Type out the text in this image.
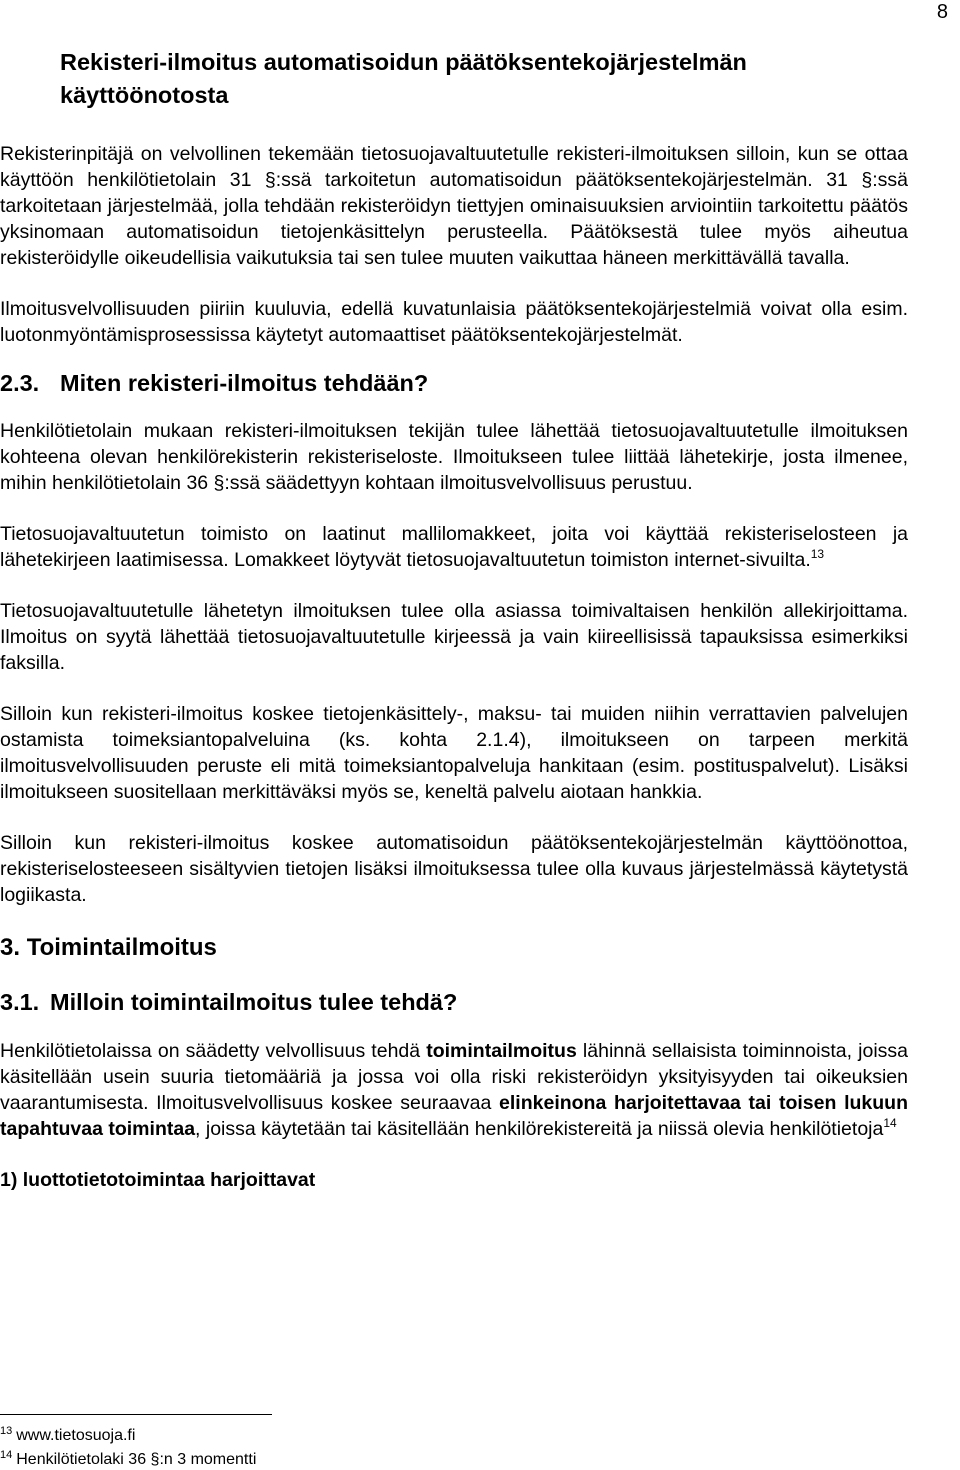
8
Rekisteri-ilmoitus automatisoidun päätöksentekojärjestelmän käyttöönotosta

Rekisterinpitäjä on velvollinen tekemään tietosuojavaltuutetulle rekisteri-ilmoituksen silloin, kun se ottaa käyttöön henkilötietolain 31 §:ssä tarkoitetun automatisoidun päätöksentekojärjestelmän. 31 §:ssä tarkoitetaan järjestelmää, jolla tehdään rekisteröidyn tiettyjen ominaisuuksien arviointiin tarkoitettu päätös yksinomaan automatisoidun tietojenkäsittelyn perusteella. Päätöksestä tulee myös aiheutua rekisteröidylle oikeudellisia vaikutuksia tai sen tulee muuten vaikuttaa häneen merkittävällä tavalla.

Ilmoitusvelvollisuuden piiriin kuuluvia, edellä kuvatunlaisia päätöksentekojärjestelmiä voivat olla esim. luotonmyöntämisprosessissa käytetyt automaattiset päätöksentekojärjestelmät.

2.3. Miten rekisteri-ilmoitus tehdään?

Henkilötietolain mukaan rekisteri-ilmoituksen tekijän tulee lähettää tietosuojavaltuutetulle ilmoituksen kohteena olevan henkilörekisterin rekisteriseloste. Ilmoitukseen tulee liittää lähetekirje, josta ilmenee, mihin henkilötietolain 36 §:ssä säädettyyn kohtaan ilmoitusvelvollisuus perustuu.

Tietosuojavaltuutetun toimisto on laatinut mallilomakkeet, joita voi käyttää rekisteriselosteen ja lähetekirjeen laatimisessa. Lomakkeet löytyvät tietosuojavaltuutetun toimiston internet-sivuilta.$^{13}$

Tietosuojavaltuutetulle lähetetyn ilmoituksen tulee olla asiassa toimivaltaisen henkilön allekirjoittama. Ilmoitus on syytä lähettää tietosuojavaltuutetulle kirjeessä ja vain kiireellisissä tapauksissa esimerkiksi faksilla.

Silloin kun rekisteri-ilmoitus koskee tietojenkäsittely-, maksu- tai muiden niihin verrattavien palvelujen ostamista toimeksiantopalveluina (ks. kohta 2.1.4), ilmoitukseen on tarpeen merkitä ilmoitusvelvollisuuden peruste eli mitä toimeksiantopalveluja hankitaan (esim. postituspalvelut). Lisäksi ilmoitukseen suositellaan merkittäväksi myös se, keneltä palvelu aiotaan hankkia.

Silloin kun rekisteri-ilmoitus koskee automatisoidun päätöksentekojärjestelmän käyttöönottoa, rekisteriselosteeseen sisältyvien tietojen lisäksi ilmoituksessa tulee olla kuvaus järjestelmässä käytetystä logiikasta.

3. Toimintailmoitus
3.1. Milloin toimintailmoitus tulee tehdä?

Henkilötietolaissa on säädetty velvollisuus tehdä toimintailmoitus lähinnä sellaisista toiminnoista, joissa käsitellään usein suuria tietomääriä ja jossa voi olla riski rekisteröidyn yksityisyyden tai oikeuksien vaarantumisesta. Ilmoitusvelvollisuus koskee seuraavaa elinkeinona harjoitettavaa tai toisen lukuun tapahtuvaa toimintaa, joissa käytetään tai käsitellään henkilörekistereitä ja niissä olevia henkilötietoja$^{14}$

1) luottotietotoimintaa harjoittavat

$^{13}$ www.tietosuoja.fi
$^{14}$ Henkilötietolaki 36 §:n 3 momentti
